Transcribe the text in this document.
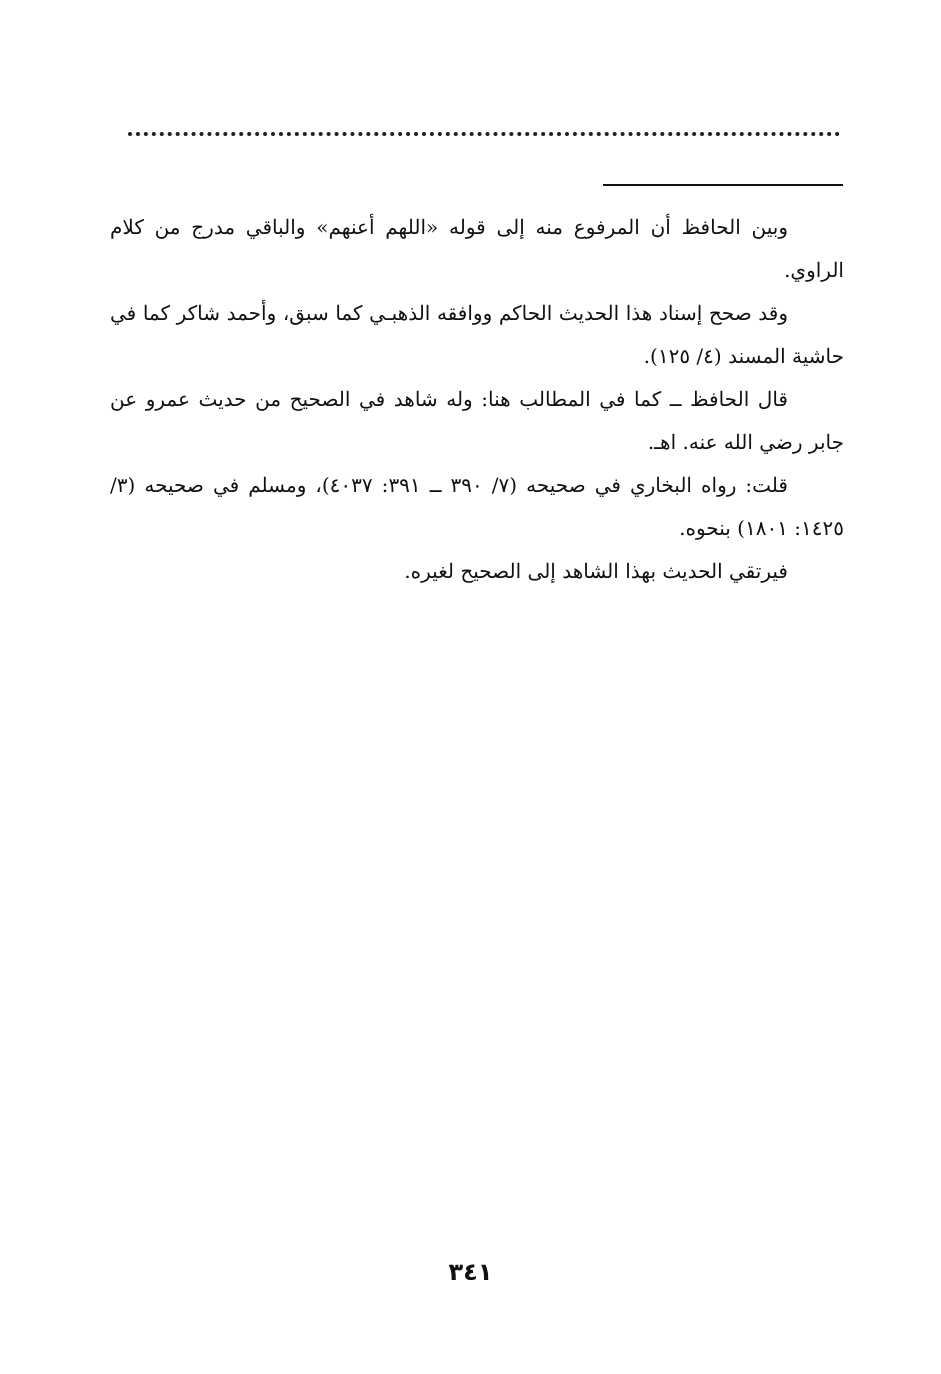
وبين الحافظ أن المرفوع منه إلى قوله «اللهم أعنهم» والباقي مدرج من كلام الراوي.

وقد صحح إسناد هذا الحديث الحاكم ووافقه الذهبـي كما سبق، وأحمد شاكر كما في حاشية المسند (٤/ ١٢٥).

قال الحافظ ــ كما في المطالب هنا: وله شاهد في الصحيح من حديث عمرو عن جابر رضي الله عنه. اهـ.

قلت: رواه البخاري في صحيحه (٧/ ٣٩٠ ــ ٣٩١: ٤٠٣٧)، ومسلم في صحيحه (٣/ ١٤٢٥: ١٨٠١) بنحوه.

فيرتقي الحديث بهذا الشاهد إلى الصحيح لغيره.

٣٤١
